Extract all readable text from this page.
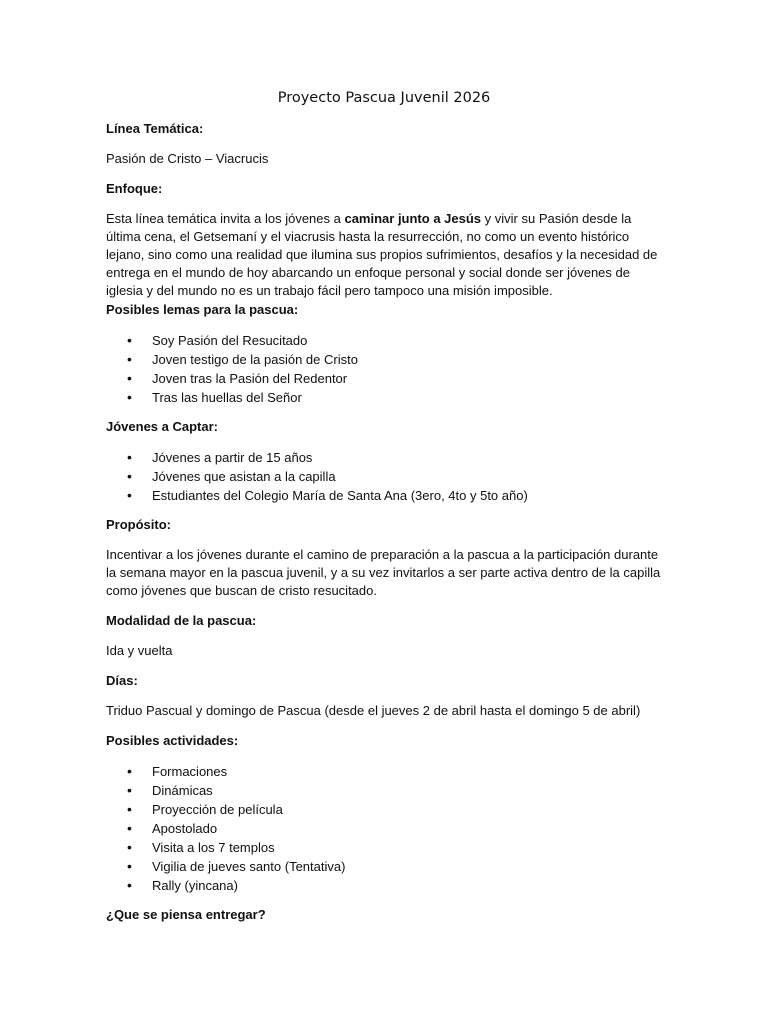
Proyecto Pascua Juvenil 2026
Línea Temática:
Pasión de Cristo – Viacrucis
Enfoque:
Esta línea temática invita a los jóvenes a caminar junto a Jesús y vivir su Pasión desde la última cena, el Getsemaní y el viacrusis hasta la resurrección, no como un evento histórico lejano, sino como una realidad que ilumina sus propios sufrimientos, desafíos y la necesidad de entrega en el mundo de hoy abarcando un enfoque personal y social donde ser jóvenes de iglesia y del mundo no es un trabajo fácil pero tampoco una misión imposible.
Posibles lemas para la pascua:
• Soy Pasión del Resucitado
• Joven testigo de la pasión de Cristo
• Joven tras la Pasión del Redentor
• Tras las huellas del Señor
Jóvenes a Captar:
• Jóvenes a partir de 15 años
• Jóvenes que asistan a la capilla
• Estudiantes del Colegio María de Santa Ana (3ero, 4to y 5to año)
Propósito:
Incentivar a los jóvenes durante el camino de preparación a la pascua a la participación durante la semana mayor en la pascua juvenil, y a su vez invitarlos a ser parte activa dentro de la capilla como jóvenes que buscan de cristo resucitado.
Modalidad de la pascua:
Ida y vuelta
Días:
Triduo Pascual y domingo de Pascua (desde el jueves 2 de abril hasta el domingo 5 de abril)
Posibles actividades:
• Formaciones
• Dinámicas
• Proyección de película
• Apostolado
• Visita a los 7 templos
• Vigilia de jueves santo (Tentativa)
• Rally (yincana)
¿Que se piensa entregar?
